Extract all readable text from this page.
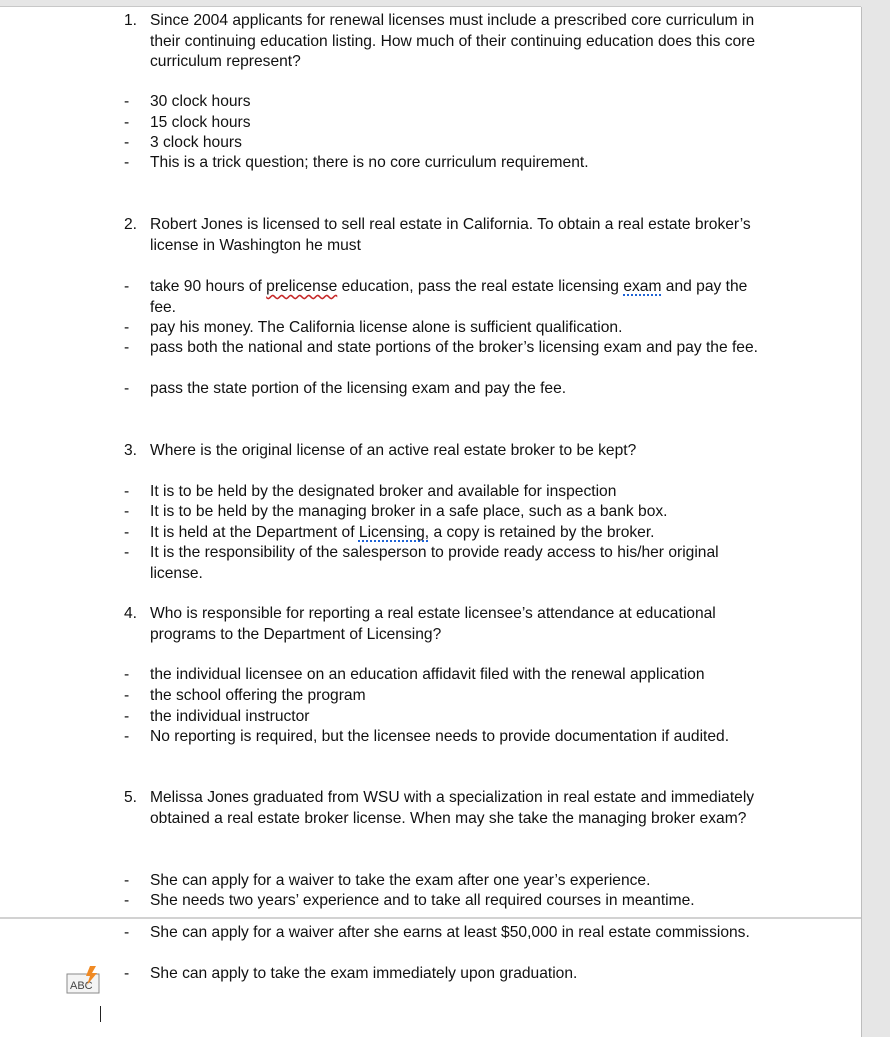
1. Since 2004 applicants for renewal licenses must include a prescribed core curriculum in their continuing education listing. How much of their continuing education does this core curriculum represent?
- 30 clock hours
- 15 clock hours
- 3 clock hours
- This is a trick question; there is no core curriculum requirement.
2. Robert Jones is licensed to sell real estate in California. To obtain a real estate broker’s license in Washington he must
- take 90 hours of prelicense education, pass the real estate licensing exam and pay the fee.
- pay his money. The California license alone is sufficient qualification.
- pass both the national and state portions of the broker’s licensing exam and pay the fee.
- pass the state portion of the licensing exam and pay the fee.
3. Where is the original license of an active real estate broker to be kept?
- It is to be held by the designated broker and available for inspection
- It is to be held by the managing broker in a safe place, such as a bank box.
- It is held at the Department of Licensing, a copy is retained by the broker.
- It is the responsibility of the salesperson to provide ready access to his/her original license.
4. Who is responsible for reporting a real estate licensee’s attendance at educational programs to the Department of Licensing?
- the individual licensee on an education affidavit filed with the renewal application
- the school offering the program
- the individual instructor
- No reporting is required, but the licensee needs to provide documentation if audited.
5. Melissa Jones graduated from WSU with a specialization in real estate and immediately obtained a real estate broker license. When may she take the managing broker exam?
- She can apply for a waiver to take the exam after one year’s experience.
- She needs two years’ experience and to take all required courses in meantime.
- She can apply for a waiver after she earns at least $50,000 in real estate commissions.
- She can apply to take the exam immediately upon graduation.
ABC
